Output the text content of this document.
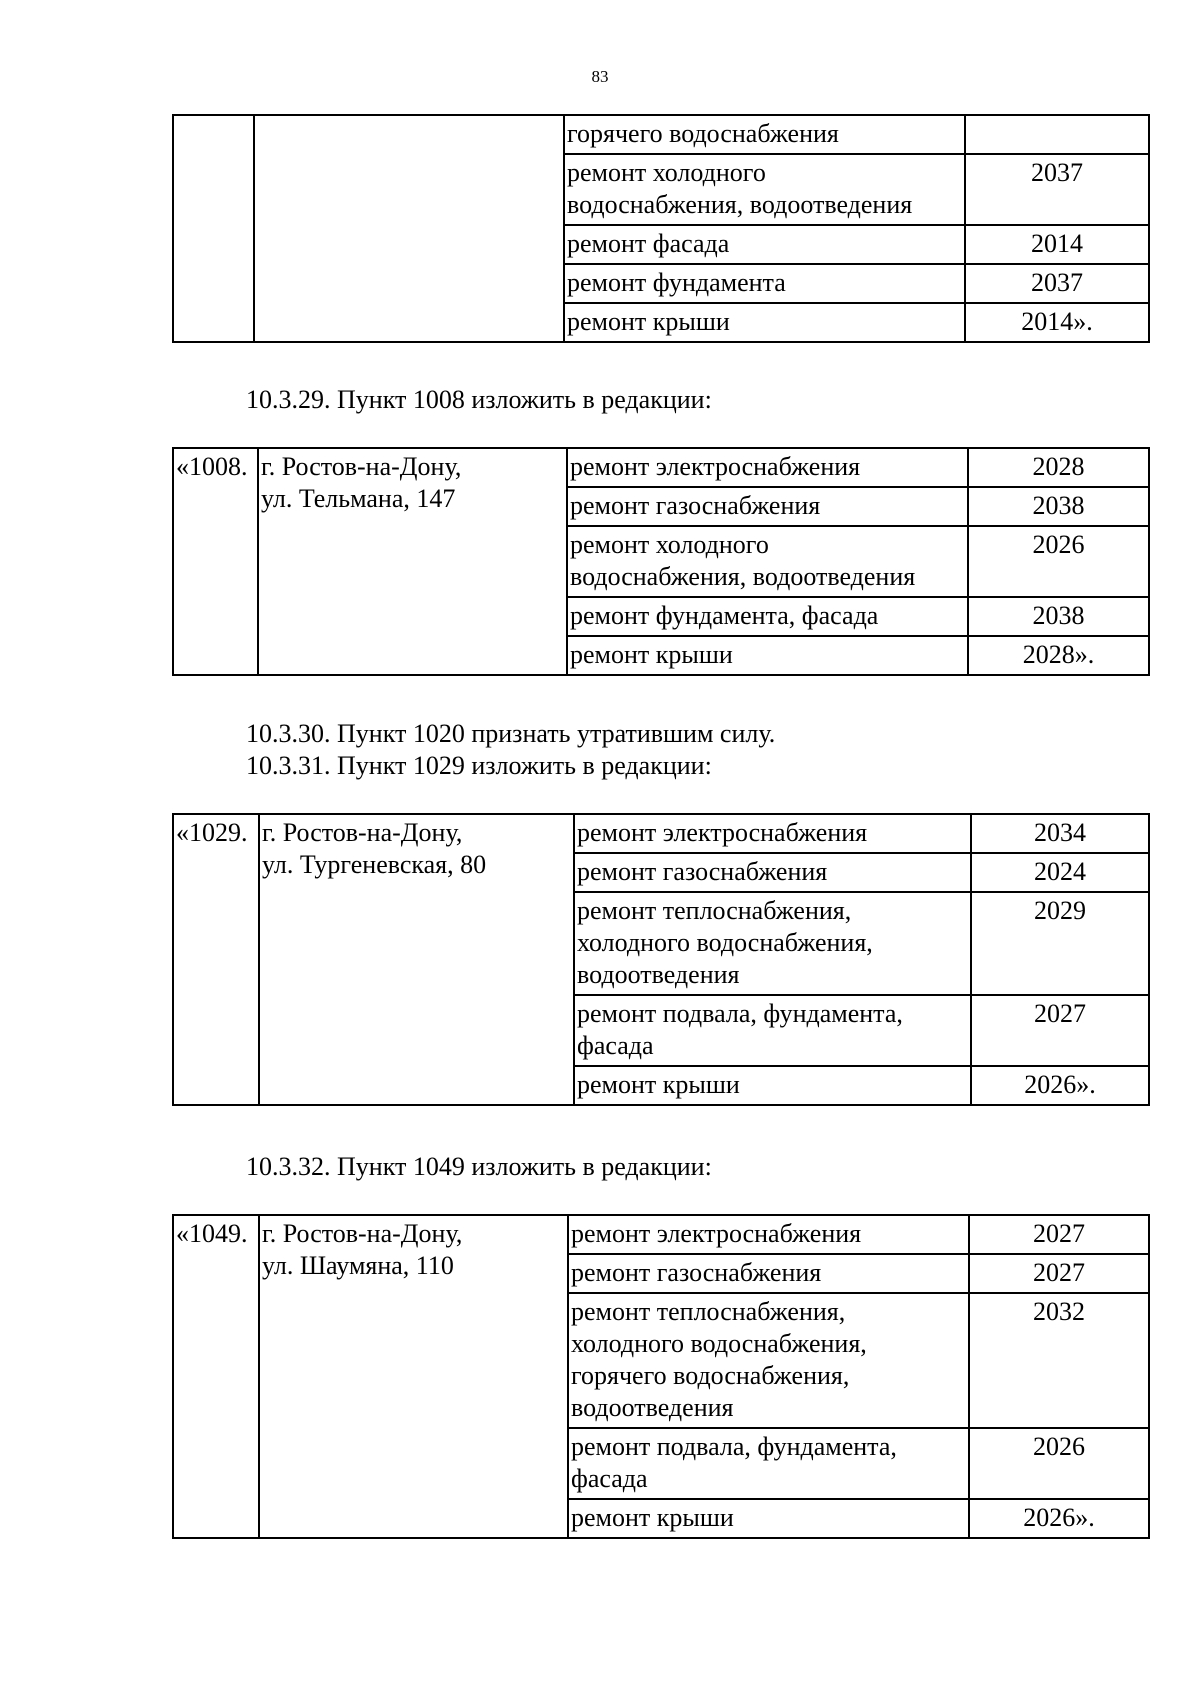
83

		горячего водоснабжения	

		ремонт холодного
водоснабжения, водоотведения	2037

		ремонт фасада	2014

		ремонт фундамента	2037

		ремонт крыши	2014».
10.3.29. Пункт 1008 изложить в редакции:
«1008.	г. Ростов-на-Дону,
ул. Тельмана, 147	ремонт электроснабжения	2028

		ремонт газоснабжения	2038

		ремонт холодного
водоснабжения, водоотведения	2026

		ремонт фундамента, фасада	2038

		ремонт крыши	2028».
10.3.30. Пункт 1020 признать утратившим силу.
10.3.31. Пункт 1029 изложить в редакции:
«1029.	г. Ростов-на-Дону,
ул. Тургеневская, 80	ремонт электроснабжения	2034

		ремонт газоснабжения	2024

		ремонт теплоснабжения,
холодного водоснабжения,
водоотведения	2029

		ремонт подвала, фундамента,
фасада	2027

		ремонт крыши	2026».
10.3.32. Пункт 1049 изложить в редакции:
«1049.	г. Ростов-на-Дону,
ул. Шаумяна, 110	ремонт электроснабжения	2027

		ремонт газоснабжения	2027

		ремонт теплоснабжения,
холодного водоснабжения,
горячего водоснабжения,
водоотведения	2032

		ремонт подвала, фундамента,
фасада	2026

		ремонт крыши	2026».
